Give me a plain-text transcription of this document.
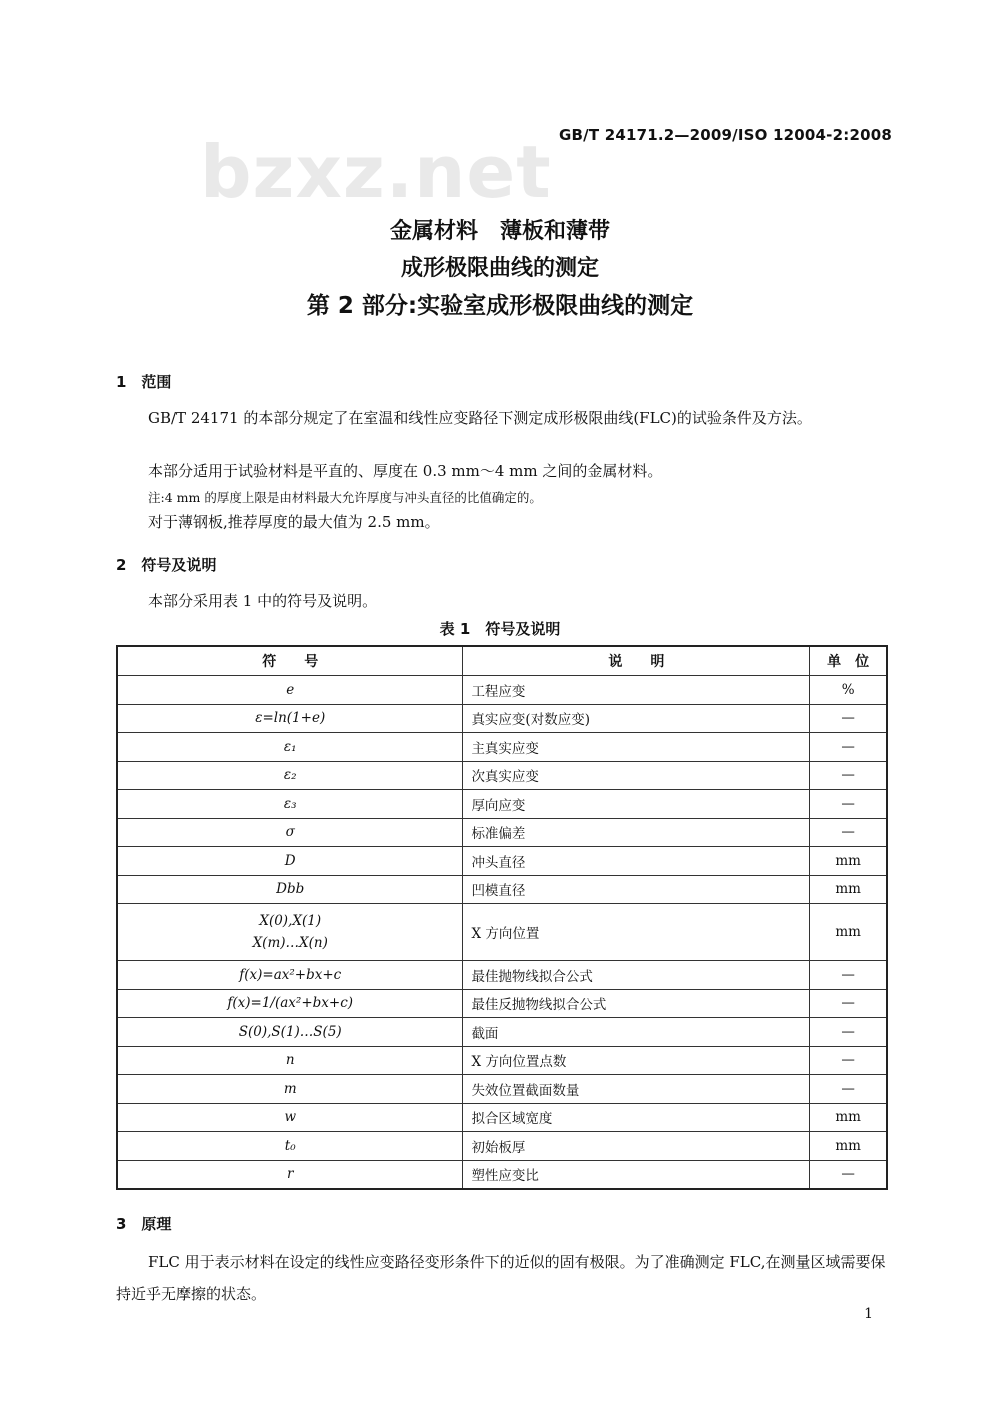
bzxz.net GB/T 24171.2—2009/ISO 12004-2:2008
金属材料　薄板和薄带
成形极限曲线的测定
第 2 部分:实验室成形极限曲线的测定
1　范围
GB/T 24171 的本部分规定了在室温和线性应变路径下测定成形极限曲线(FLC)的试验条件及方法。
本部分适用于试验材料是平直的、厚度在 0.3 mm～4 mm 之间的金属材料。
注:4 mm 的厚度上限是由材料最大允许厚度与冲头直径的比值确定的。
对于薄钢板,推荐厚度的最大值为 2.5 mm。
2　符号及说明
本部分采用表 1 中的符号及说明。
表 1　符号及说明
符　　号	说　　明	单　位
e	工程应变	%
ε=ln(1+e)	真实应变(对数应变)	—
ε₁	主真实应变	—
ε₂	次真实应变	—
ε₃	厚向应变	—
σ	标准偏差	—
D	冲头直径	mm
Dbb	凹模直径	mm

X(0),X(1)
X(m)…X(n)	X 方向位置	mm
f(x)=ax²+bx+c	最佳抛物线拟合公式	—
f(x)=1/(ax²+bx+c)	最佳反抛物线拟合公式	—
S(0),S(1)…S(5)	截面	—
n	X 方向位置点数	—
m	失效位置截面数量	—
w	拟合区域宽度	mm
t₀	初始板厚	mm
r	塑性应变比	—
3　原理
FLC 用于表示材料在设定的线性应变路径变形条件下的近似的固有极限。为了准确测定 FLC,在测量区域需要保持近乎无摩擦的状态。
1
